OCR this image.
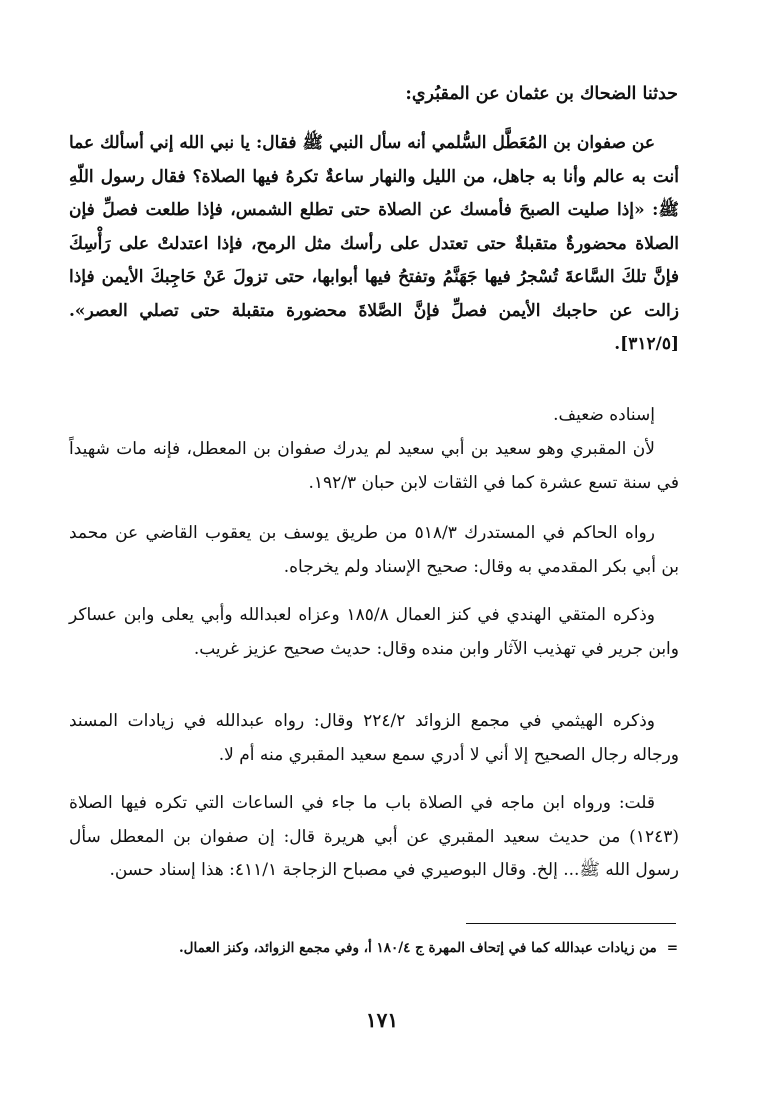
حدثنا الضحاك بن عثمان عن المقبُري:

عن صفوان بن المُعَطَّل السُّلمي أنه سأل النبي ﷺ فقال: يا نبي الله إني أسألك عما أنت به عالم وأنا به جاهل، من الليل والنهار ساعةٌ تكرهُ فيها الصلاة؟ فقال رسول اللّهِ ﷺ: «إذا صليت الصبحَ فأمسك عن الصلاة حتى تطلع الشمس، فإذا طلعت فصلِّ فإن الصلاة محضورةٌ متقبلةٌ حتى تعتدل على رأسك مثل الرمح، فإذا اعتدلتْ على رَأْسِكَ فإنَّ تلكَ السَّاعةَ تُسْجرُ فيها جَهَنَّمُ وتفتحُ فيها أبوابها، حتى تزولَ عَنْ حَاجِبكَ الأيمن فإذا زالت عن حاجبك الأيمن فصلِّ فإنَّ الصَّلاةَ محضورة متقبلة حتى تصلي العصر». [٣١٢/٥].

إسناده ضعيف.

لأن المقبري وهو سعيد بن أبي سعيد لم يدرك صفوان بن المعطل، فإنه مات شهيداً في سنة تسع عشرة كما في الثقات لابن حبان ١٩٢/٣.

رواه الحاكم في المستدرك ٥١٨/٣ من طريق يوسف بن يعقوب القاضي عن محمد بن أبي بكر المقدمي به وقال: صحيح الإسناد ولم يخرجاه.

وذكره المتقي الهندي في كنز العمال ١٨٥/٨ وعزاه لعبدالله وأبي يعلى وابن عساكر وابن جرير في تهذيب الآثار وابن منده وقال: حديث صحيح عزيز غريب.

وذكره الهيثمي في مجمع الزوائد ٢٢٤/٢ وقال: رواه عبدالله في زيادات المسند ورجاله رجال الصحيح إلا أني لا أدري سمع سعيد المقبري منه أم لا.

قلت: ورواه ابن ماجه في الصلاة باب ما جاء في الساعات التي تكره فيها الصلاة (١٢٤٣) من حديث سعيد المقبري عن أبي هريرة قال: إن صفوان بن المعطل سأل رسول الله ﷺ... إلخ. وقال البوصيري في مصباح الزجاجة ٤١١/١: هذا إسناد حسن.

=من زيادات عبدالله كما في إتحاف المهرة ج ١٨٠/٤ أ، وفي مجمع الزوائد، وكنز العمال.

١٧١
